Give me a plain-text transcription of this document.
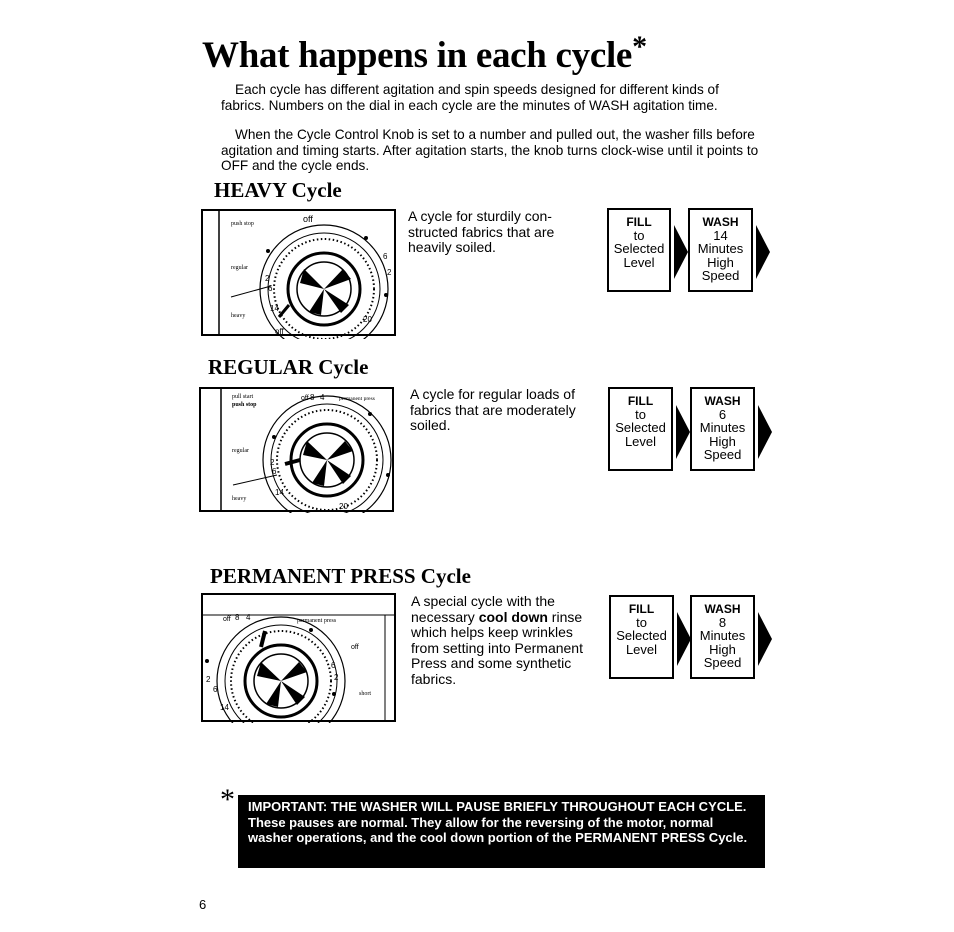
What happens in each cycle*

Each cycle has different agitation and spin speeds designed for different kinds of fabrics. Numbers on the dial in each cycle are the minutes of WASH agitation time.

When the Cycle Control Knob is set to a number and pulled out, the washer fills before agitation and timing starts. After agitation starts, the knob turns clock-wise until it points to OFF and the cycle ends.

HEAVY Cycle
push stop
regular
heavy
off
2
6
14
6
2
off
20

A cycle for sturdily con-structed fabrics that are heavily soiled.

FILL
to
Selected
Level
WASH
14
Minutes
High
Speed
REGULAR Cycle
pull start
push stop
regular
heavy
off 8 4	permanent press
2
6
14
20

A cycle for regular loads of fabrics that are moderately soiled.

FILL
to
Selected
Level
WASH
6
Minutes
High
Speed
PERMANENT PRESS Cycle
off 8 4	permanent press
off
6
2
short
2
6
14

A special cycle with the necessary cool down rinse which helps keep wrinkles from setting into Permanent Press and some synthetic fabrics.

FILL
to
Selected
Level
WASH
8
Minutes
High
Speed
*	IMPORTANT: THE WASHER WILL PAUSE BRIEFLY THROUGHOUT EACH CYCLE. These pauses are normal. They allow for the reversing of the motor, normal washer operations, and the cool down portion of the PERMANENT PRESS Cycle.
6
